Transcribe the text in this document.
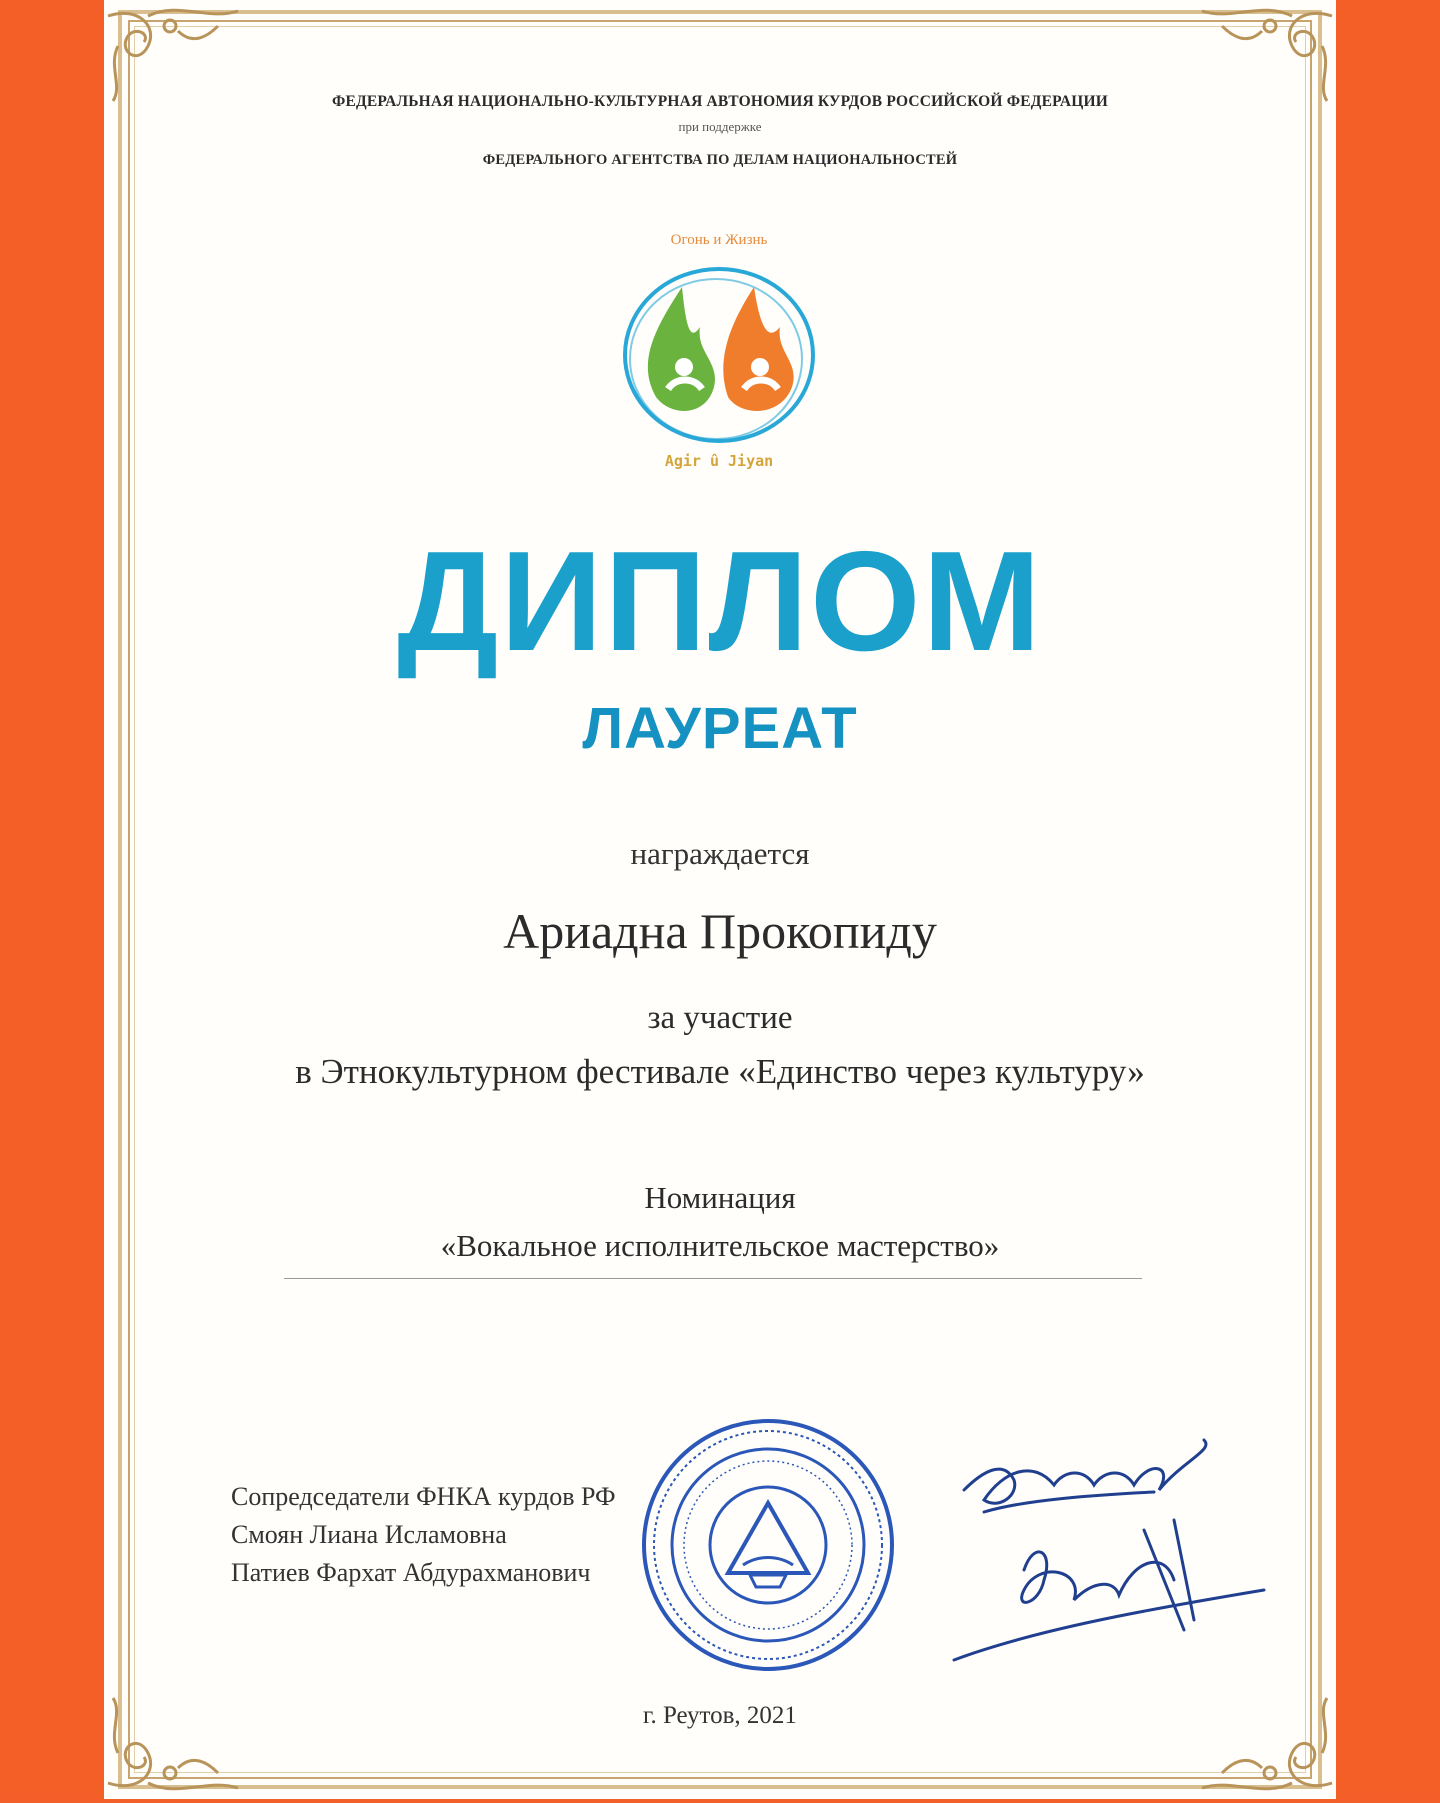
ФЕДЕРАЛЬНАЯ НАЦИОНАЛЬНО-КУЛЬТУРНАЯ АВТОНОМИЯ КУРДОВ РОССИЙСКОЙ ФЕДЕРАЦИИ
при поддержке
ФЕДЕРАЛЬНОГО АГЕНТСТВА ПО ДЕЛАМ НАЦИОНАЛЬНОСТЕЙ
Огонь и Жизнь
Agir û Jiyan
ДИПЛОМ
ЛАУРЕАТ
награждается
Ариадна Прокопиду
за участие
в Этнокультурном фестивале «Единство через культуру»
Номинация
«Вокальное исполнительское мастерство»
Сопредседатели ФНКА курдов РФ
Смоян Лиана Исламовна
Патиев Фархат Абдурахманович
г. Реутов, 2021
